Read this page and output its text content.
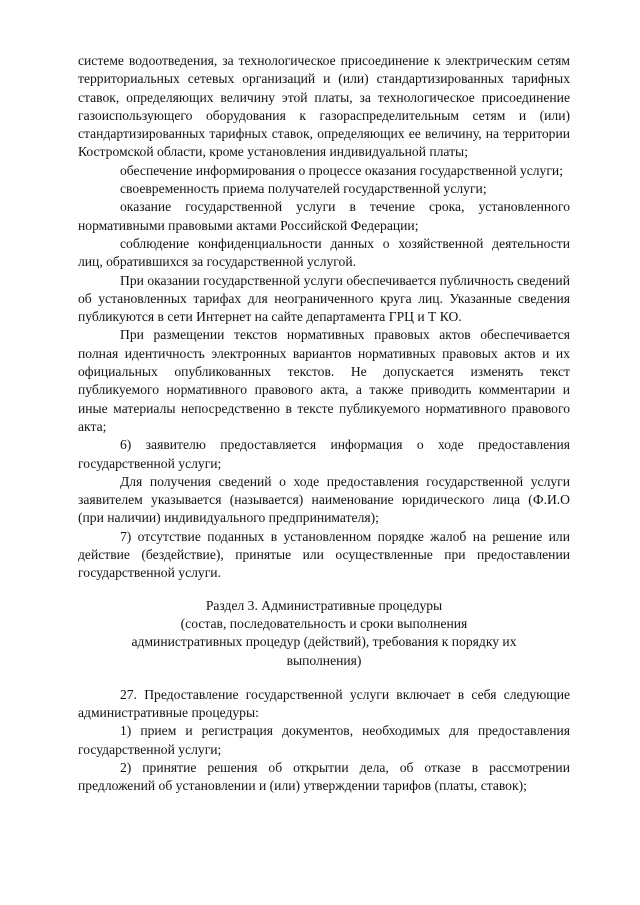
системе водоотведения, за технологическое присоединение к электрическим сетям территориальных сетевых организаций и (или) стандартизированных тарифных ставок, определяющих величину этой платы, за технологическое присоединение газоиспользующего оборудования к газораспределительным сетям и (или) стандартизированных тарифных ставок, определяющих ее величину, на территории Костромской области, кроме установления индивидуальной платы;

обеспечение информирования о процессе оказания государственной услуги;

своевременность приема получателей государственной услуги;

оказание государственной услуги в течение срока, установленного нормативными правовыми актами Российской Федерации;

соблюдение конфиденциальности данных о хозяйственной деятельности лиц, обратившихся за государственной услугой.

При оказании государственной услуги обеспечивается публичность сведений об установленных тарифах для неограниченного круга лиц. Указанные сведения публикуются в сети Интернет на сайте департамента ГРЦ и Т КО.

При размещении текстов нормативных правовых актов обеспечивается полная идентичность электронных вариантов нормативных правовых актов и их официальных опубликованных текстов. Не допускается изменять текст публикуемого нормативного правового акта, а также приводить комментарии и иные материалы непосредственно в тексте публикуемого нормативного правового акта;

6) заявителю предоставляется информация о ходе предоставления государственной услуги;

Для получения сведений о ходе предоставления государственной услуги заявителем указывается (называется) наименование юридического лица (Ф.И.О (при наличии) индивидуального предпринимателя);

7) отсутствие поданных в установленном порядке жалоб на решение или действие (бездействие), принятые или осуществленные при предоставлении государственной услуги.

Раздел 3. Административные процедуры
(состав, последовательность и сроки выполнения
административных процедур (действий), требования к порядку их
выполнения)

27. Предоставление государственной услуги включает в себя следующие административные процедуры:

1) прием и регистрация документов, необходимых для предоставления государственной услуги;

2) принятие решения об открытии дела, об отказе в рассмотрении предложений об установлении и (или) утверждении тарифов (платы, ставок);
